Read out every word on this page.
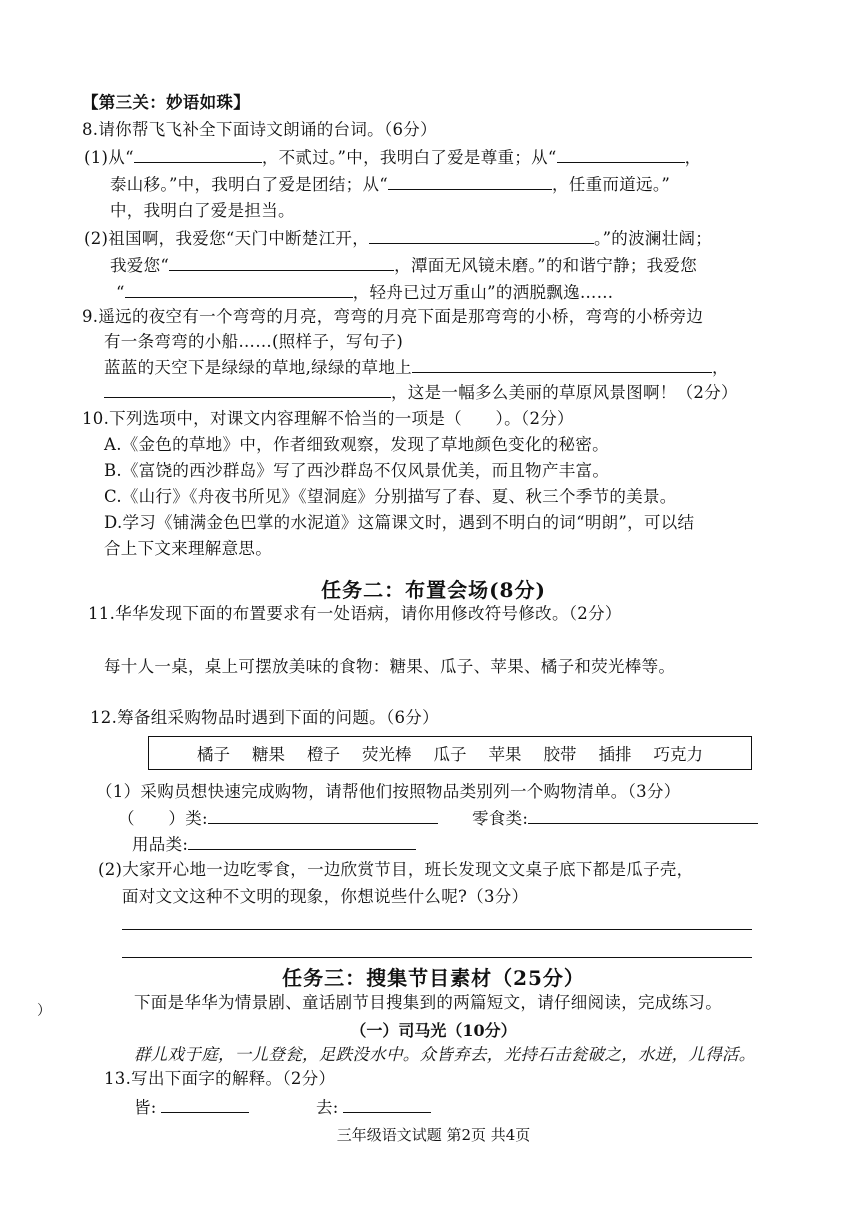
【第三关：妙语如珠】
8.请你帮飞飞补全下面诗文朗诵的台词。（6分）
(1)从“	，不贰过。”中，我明白了爱是尊重；从“	，
泰山移。”中，我明白了爱是团结；从“	，任重而道远。”
中，我明白了爱是担当。
(2)祖国啊，我爱您“天门中断楚江开，	。”的波澜壮阔；
我爱您“	，潭面无风镜未磨。”的和谐宁静；我爱您
“	，轻舟已过万重山”的洒脱飘逸……
9.遥远的夜空有一个弯弯的月亮，弯弯的月亮下面是那弯弯的小桥，弯弯的小桥旁边
有一条弯弯的小船……(照样子，写句子)
蓝蓝的天空下是绿绿的草地,绿绿的草地上	，
，这是一幅多么美丽的草原风景图啊！（2分）
10.下列选项中，对课文内容理解不恰当的一项是（　　）。（2分）
A.《金色的草地》中，作者细致观察，发现了草地颜色变化的秘密。
B.《富饶的西沙群岛》写了西沙群岛不仅风景优美，而且物产丰富。
C.《山行》《舟夜书所见》《望洞庭》分别描写了春、夏、秋三个季节的美景。
D.学习《铺满金色巴掌的水泥道》这篇课文时，遇到不明白的词“明朗”，可以结
合上下文来理解意思。
任务二：布置会场(8分)
11.华华发现下面的布置要求有一处语病，请你用修改符号修改。（2分）
每十人一桌，桌上可摆放美味的食物：糖果、瓜子、苹果、橘子和荧光棒等。
12.筹备组采购物品时遇到下面的问题。（6分）
橘子 糖果 橙子 荧光棒 瓜子 苹果 胶带 插排 巧克力
（1）采购员想快速完成购物，请帮他们按照物品类别列一个购物清单。（3分）
（　　）类:	零食类:
用品类:
(2)大家开心地一边吃零食，一边欣赏节目，班长发现文文桌子底下都是瓜子壳，
面对文文这种不文明的现象，你想说些什么呢?（3分）
任务三：搜集节目素材（25分）
）	下面是华华为情景剧、童话剧节目搜集到的两篇短文，请仔细阅读，完成练习。
（一）司马光（10分）
群儿戏于庭，一儿登瓮，足跌没水中。众皆弃去，光持石击瓮破之，水迸，儿得活。
13.写出下面字的解释。（2分）
皆:	去:
三年级语文试题 第2页 共4页
